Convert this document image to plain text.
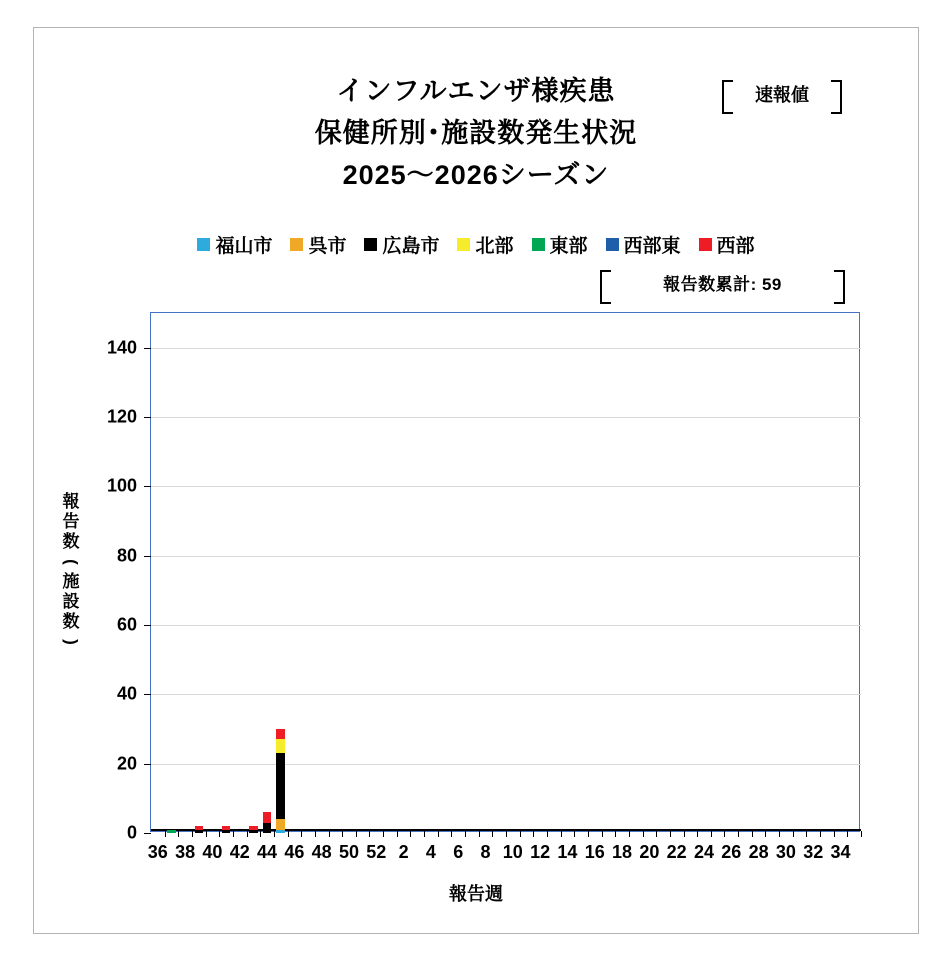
インフルエンザ様疾患
保健所別･施設数発生状況
2025〜2026シーズン
速報値
福山市 呉市 広島市 北部 東部 西部東 西部
報告数累計: 59
報
告
数
(
施
設
数
)
0
20
40
60
80
100
120
140
36 38 40 42 44 46 48 50 52 2 4 6 8 10 12 14 16 18 20 22 24 26 28 30 32 34
報告週
